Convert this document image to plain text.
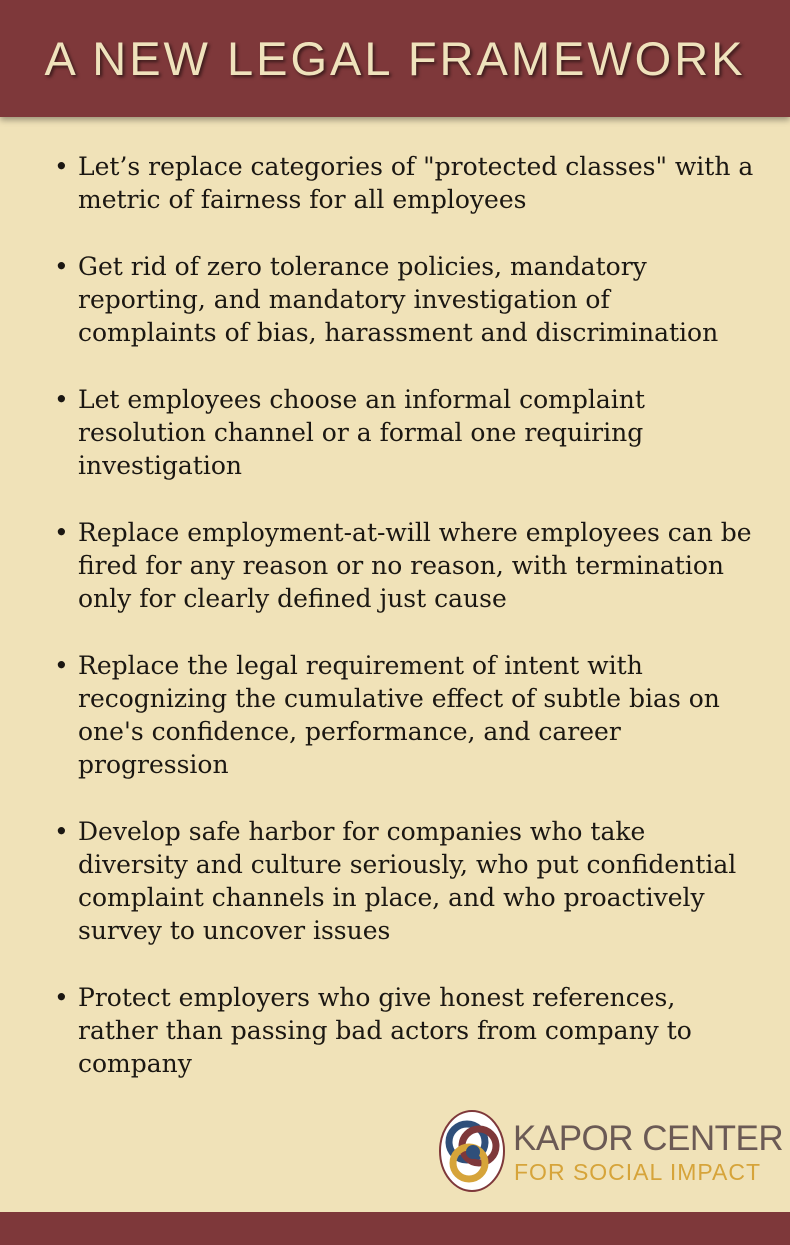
A NEW LEGAL FRAMEWORK
• Let’s replace categories of "protected classes" with a metric of fairness for all employees
• Get rid of zero tolerance policies, mandatory reporting, and mandatory investigation of complaints of bias, harassment and discrimination
• Let employees choose an informal complaint resolution channel or a formal one requiring investigation
• Replace employment-at-will where employees can be fired for any reason or no reason, with termination only for clearly defined just cause
• Replace the legal requirement of intent with recognizing the cumulative effect of subtle bias on one's confidence, performance, and career progression
• Develop safe harbor for companies who take diversity and culture seriously, who put confidential complaint channels in place, and who proactively survey to uncover issues
• Protect employers who give honest references, rather than passing bad actors from company to company
KAPOR CENTER
FOR SOCIAL IMPACT
